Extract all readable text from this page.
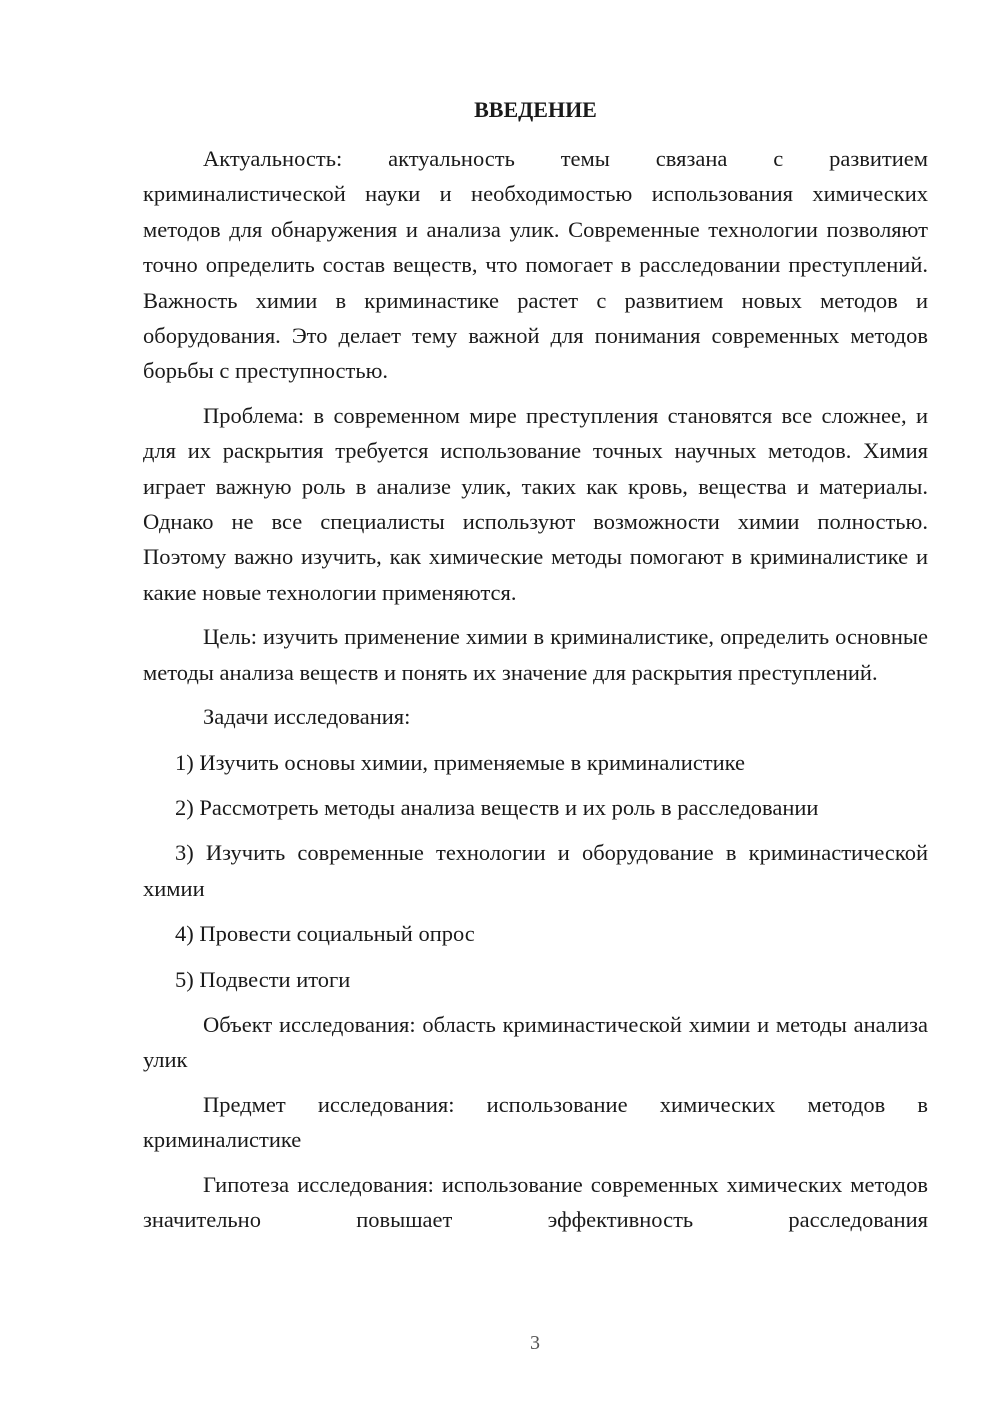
ВВЕДЕНИЕ

Актуальность: актуальность темы связана с развитием криминалистической науки и необходимостью использования химических методов для обнаружения и анализа улик. Современные технологии позволяют точно определить состав веществ, что помогает в расследовании преступлений. Важность химии в криминастике растет с развитием новых методов и оборудования. Это делает тему важной для понимания современных методов борьбы с преступностью.

Проблема: в современном мире преступления становятся все сложнее, и для их раскрытия требуется использование точных научных методов. Химия играет важную роль в анализе улик, таких как кровь, вещества и материалы. Однако не все специалисты используют возможности химии полностью. Поэтому важно изучить, как химические методы помогают в криминалистике и какие новые технологии применяются.

Цель: изучить применение химии в криминалистике, определить основные методы анализа веществ и понять их значение для раскрытия преступлений.

Задачи исследования:

1) Изучить основы химии, применяемые в криминалистике

2) Рассмотреть методы анализа веществ и их роль в расследовании

3) Изучить современные технологии и оборудование в криминастической химии

4) Провести социальный опрос

5) Подвести итоги

Объект исследования: область криминастической химии и методы анализа улик

Предмет исследования: использование химических методов в криминалистике

Гипотеза исследования: использование современных химических методов значительно повышает эффективность расследования

3
